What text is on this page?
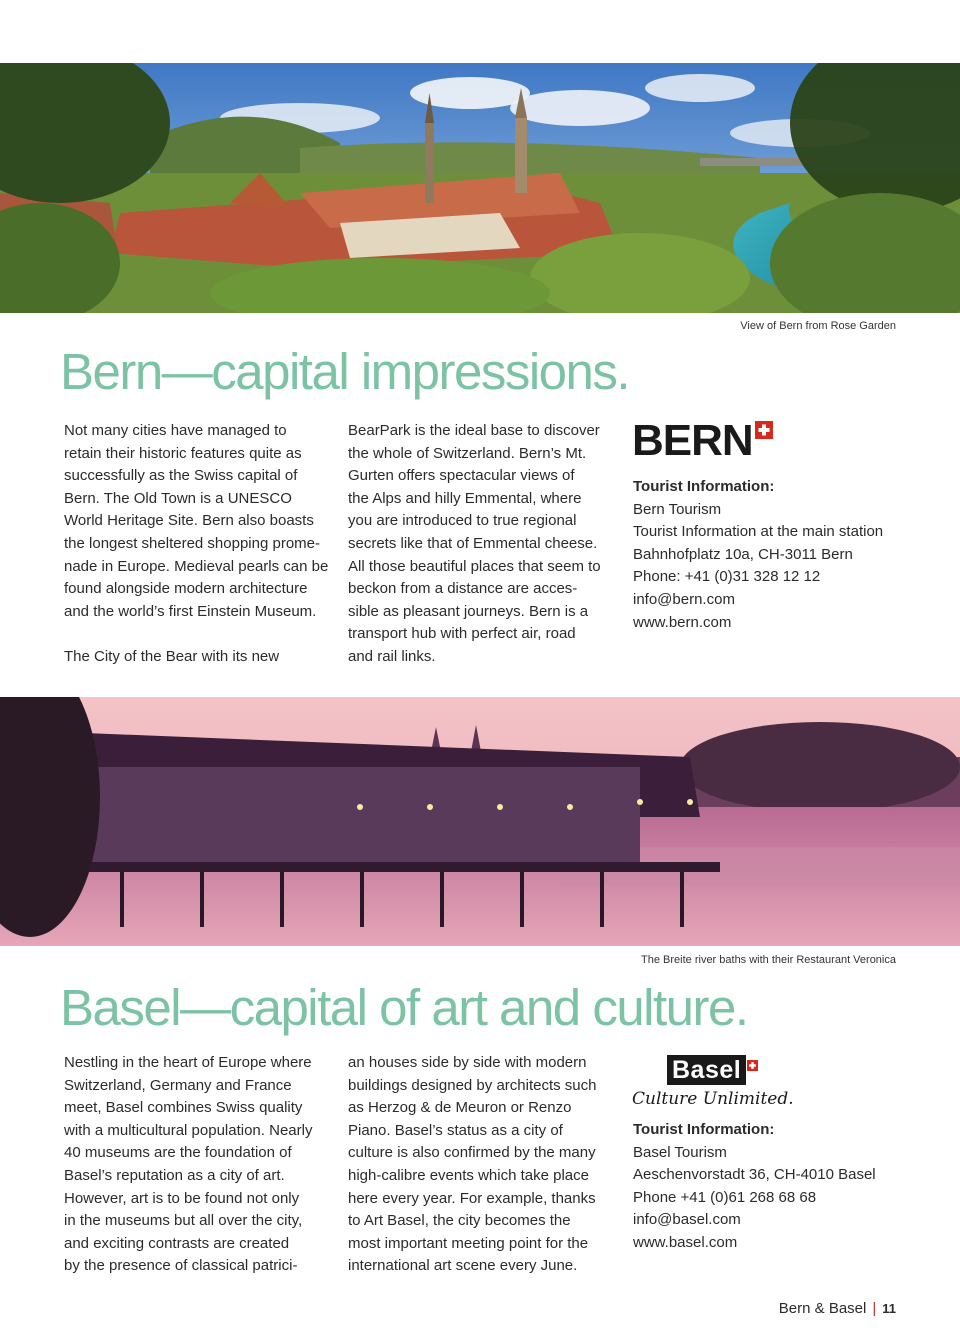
View of Bern from Rose Garden
Bern—capital impressions.

Not many cities have managed to
retain their historic features quite as
successfully as the Swiss capital of
Bern. The Old Town is a UNESCO
World Heritage Site. Bern also boasts
the longest sheltered shopping prome-
nade in Europe. Medieval pearls can be
found alongside modern architecture
and the world’s first Einstein Museum.

The City of the Bear with its new

BearPark is the ideal base to discover
the whole of Switzerland. Bern’s Mt.
Gurten offers spectacular views of
the Alps and hilly Emmental, where
you are introduced to true regional
secrets like that of Emmental cheese.
All those beautiful places that seem to
beckon from a distance are acces-
sible as pleasant journeys. Bern is a
transport hub with perfect air, road
and rail links.

BERN
Tourist Information:
Bern Tourism
Tourist Information at the main station
Bahnhofplatz 10a, CH-3011 Bern
Phone: +41 (0)31 328 12 12
info@bern.com
www.bern.com
The Breite river baths with their Restaurant Veronica
Basel—capital of art and culture.

Nestling in the heart of Europe where
Switzerland, Germany and France
meet, Basel combines Swiss quality
with a multicultural population. Nearly
40 museums are the foundation of
Basel’s reputation as a city of art.
However, art is to be found not only
in the museums but all over the city,
and exciting contrasts are created
by the presence of classical patrici-

an houses side by side with modern
buildings designed by architects such
as Herzog & de Meuron or Renzo
Piano. Basel’s status as a city of
culture is also confirmed by the many
high-calibre events which take place
here every year. For example, thanks
to Art Basel, the city becomes the
most important meeting point for the
international art scene every June.

Basel
Culture Unlimited.
Tourist Information:
Basel Tourism
Aeschenvorstadt 36, CH-4010 Basel
Phone +41 (0)61 268 68 68
info@basel.com
www.basel.com
Bern & Basel | 11
